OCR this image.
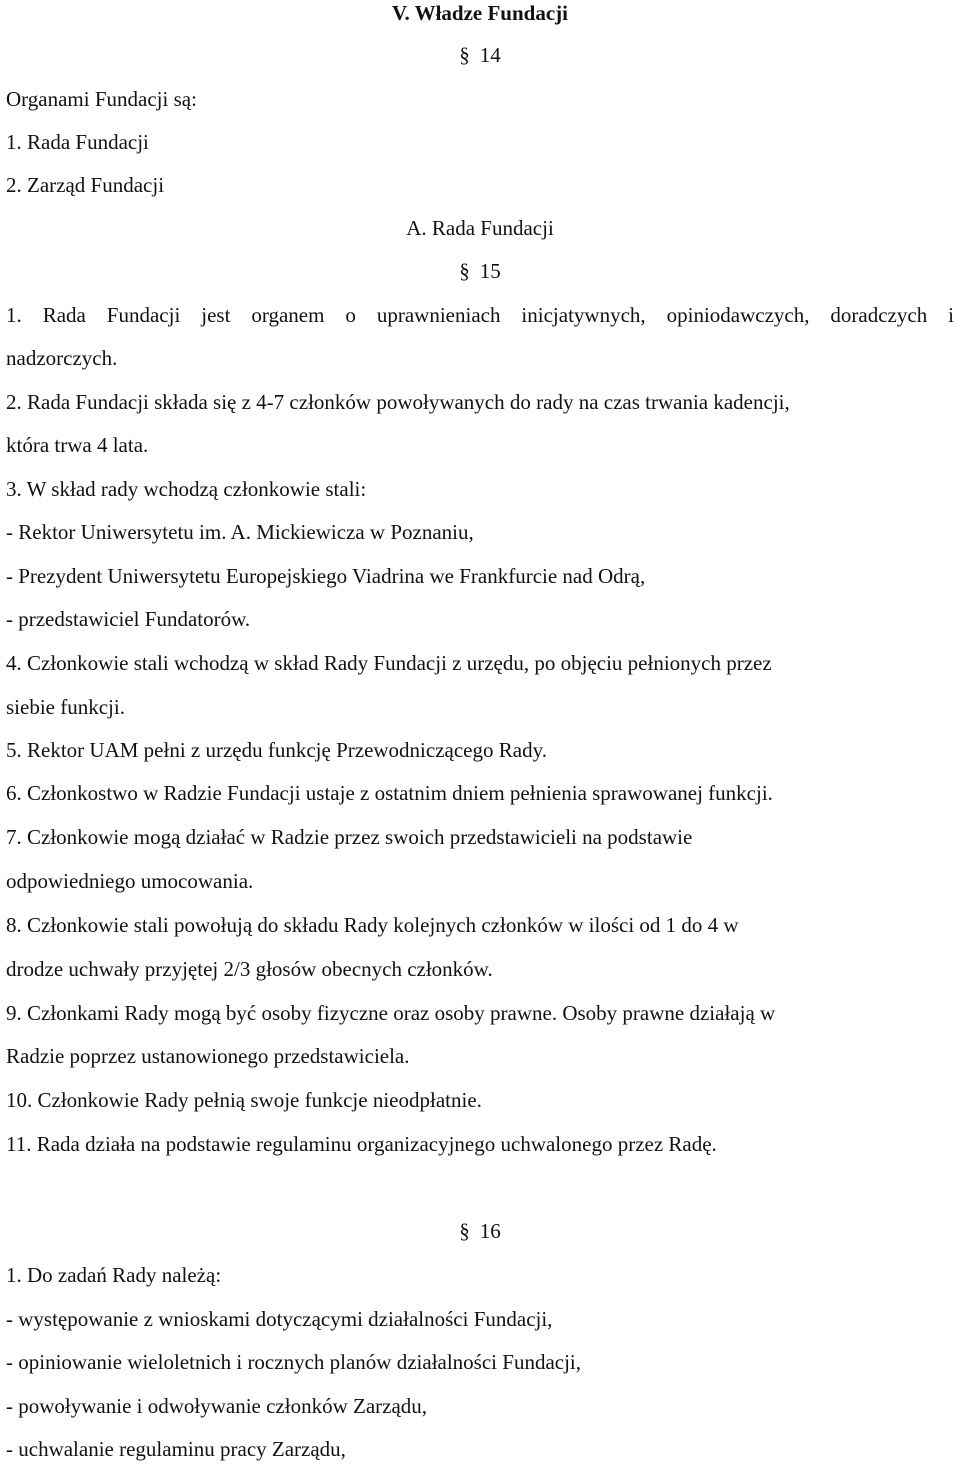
V. Władze Fundacji

§ 14

Organami Fundacji są:

1. Rada Fundacji

2. Zarząd Fundacji

A. Rada Fundacji

§ 15

1. Rada Fundacji jest organem o uprawnieniach inicjatywnych, opiniodawczych, doradczych i

nadzorczych.

2. Rada Fundacji składa się z 4-7 członków powoływanych do rady na czas trwania kadencji,

która trwa 4 lata.

3. W skład rady wchodzą członkowie stali:

- Rektor Uniwersytetu im. A. Mickiewicza w Poznaniu,

- Prezydent Uniwersytetu Europejskiego Viadrina we Frankfurcie nad Odrą,

- przedstawiciel Fundatorów.

4. Członkowie stali wchodzą w skład Rady Fundacji z urzędu, po objęciu pełnionych przez

siebie funkcji.

5. Rektor UAM pełni z urzędu funkcję Przewodniczącego Rady.

6. Członkostwo w Radzie Fundacji ustaje z ostatnim dniem pełnienia sprawowanej funkcji.

7. Członkowie mogą działać w Radzie przez swoich przedstawicieli na podstawie

odpowiedniego umocowania.

8. Członkowie stali powołują do składu Rady kolejnych członków w ilości od 1 do 4 w

drodze uchwały przyjętej 2/3 głosów obecnych członków.

9. Członkami Rady mogą być osoby fizyczne oraz osoby prawne. Osoby prawne działają w

Radzie poprzez ustanowionego przedstawiciela.

10. Członkowie Rady pełnią swoje funkcje nieodpłatnie.

11. Rada działa na podstawie regulaminu organizacyjnego uchwalonego przez Radę.

§ 16

1. Do zadań Rady należą:

- występowanie z wnioskami dotyczącymi działalności Fundacji,

- opiniowanie wieloletnich i rocznych planów działalności Fundacji,

- powoływanie i odwoływanie członków Zarządu,

- uchwalanie regulaminu pracy Zarządu,
